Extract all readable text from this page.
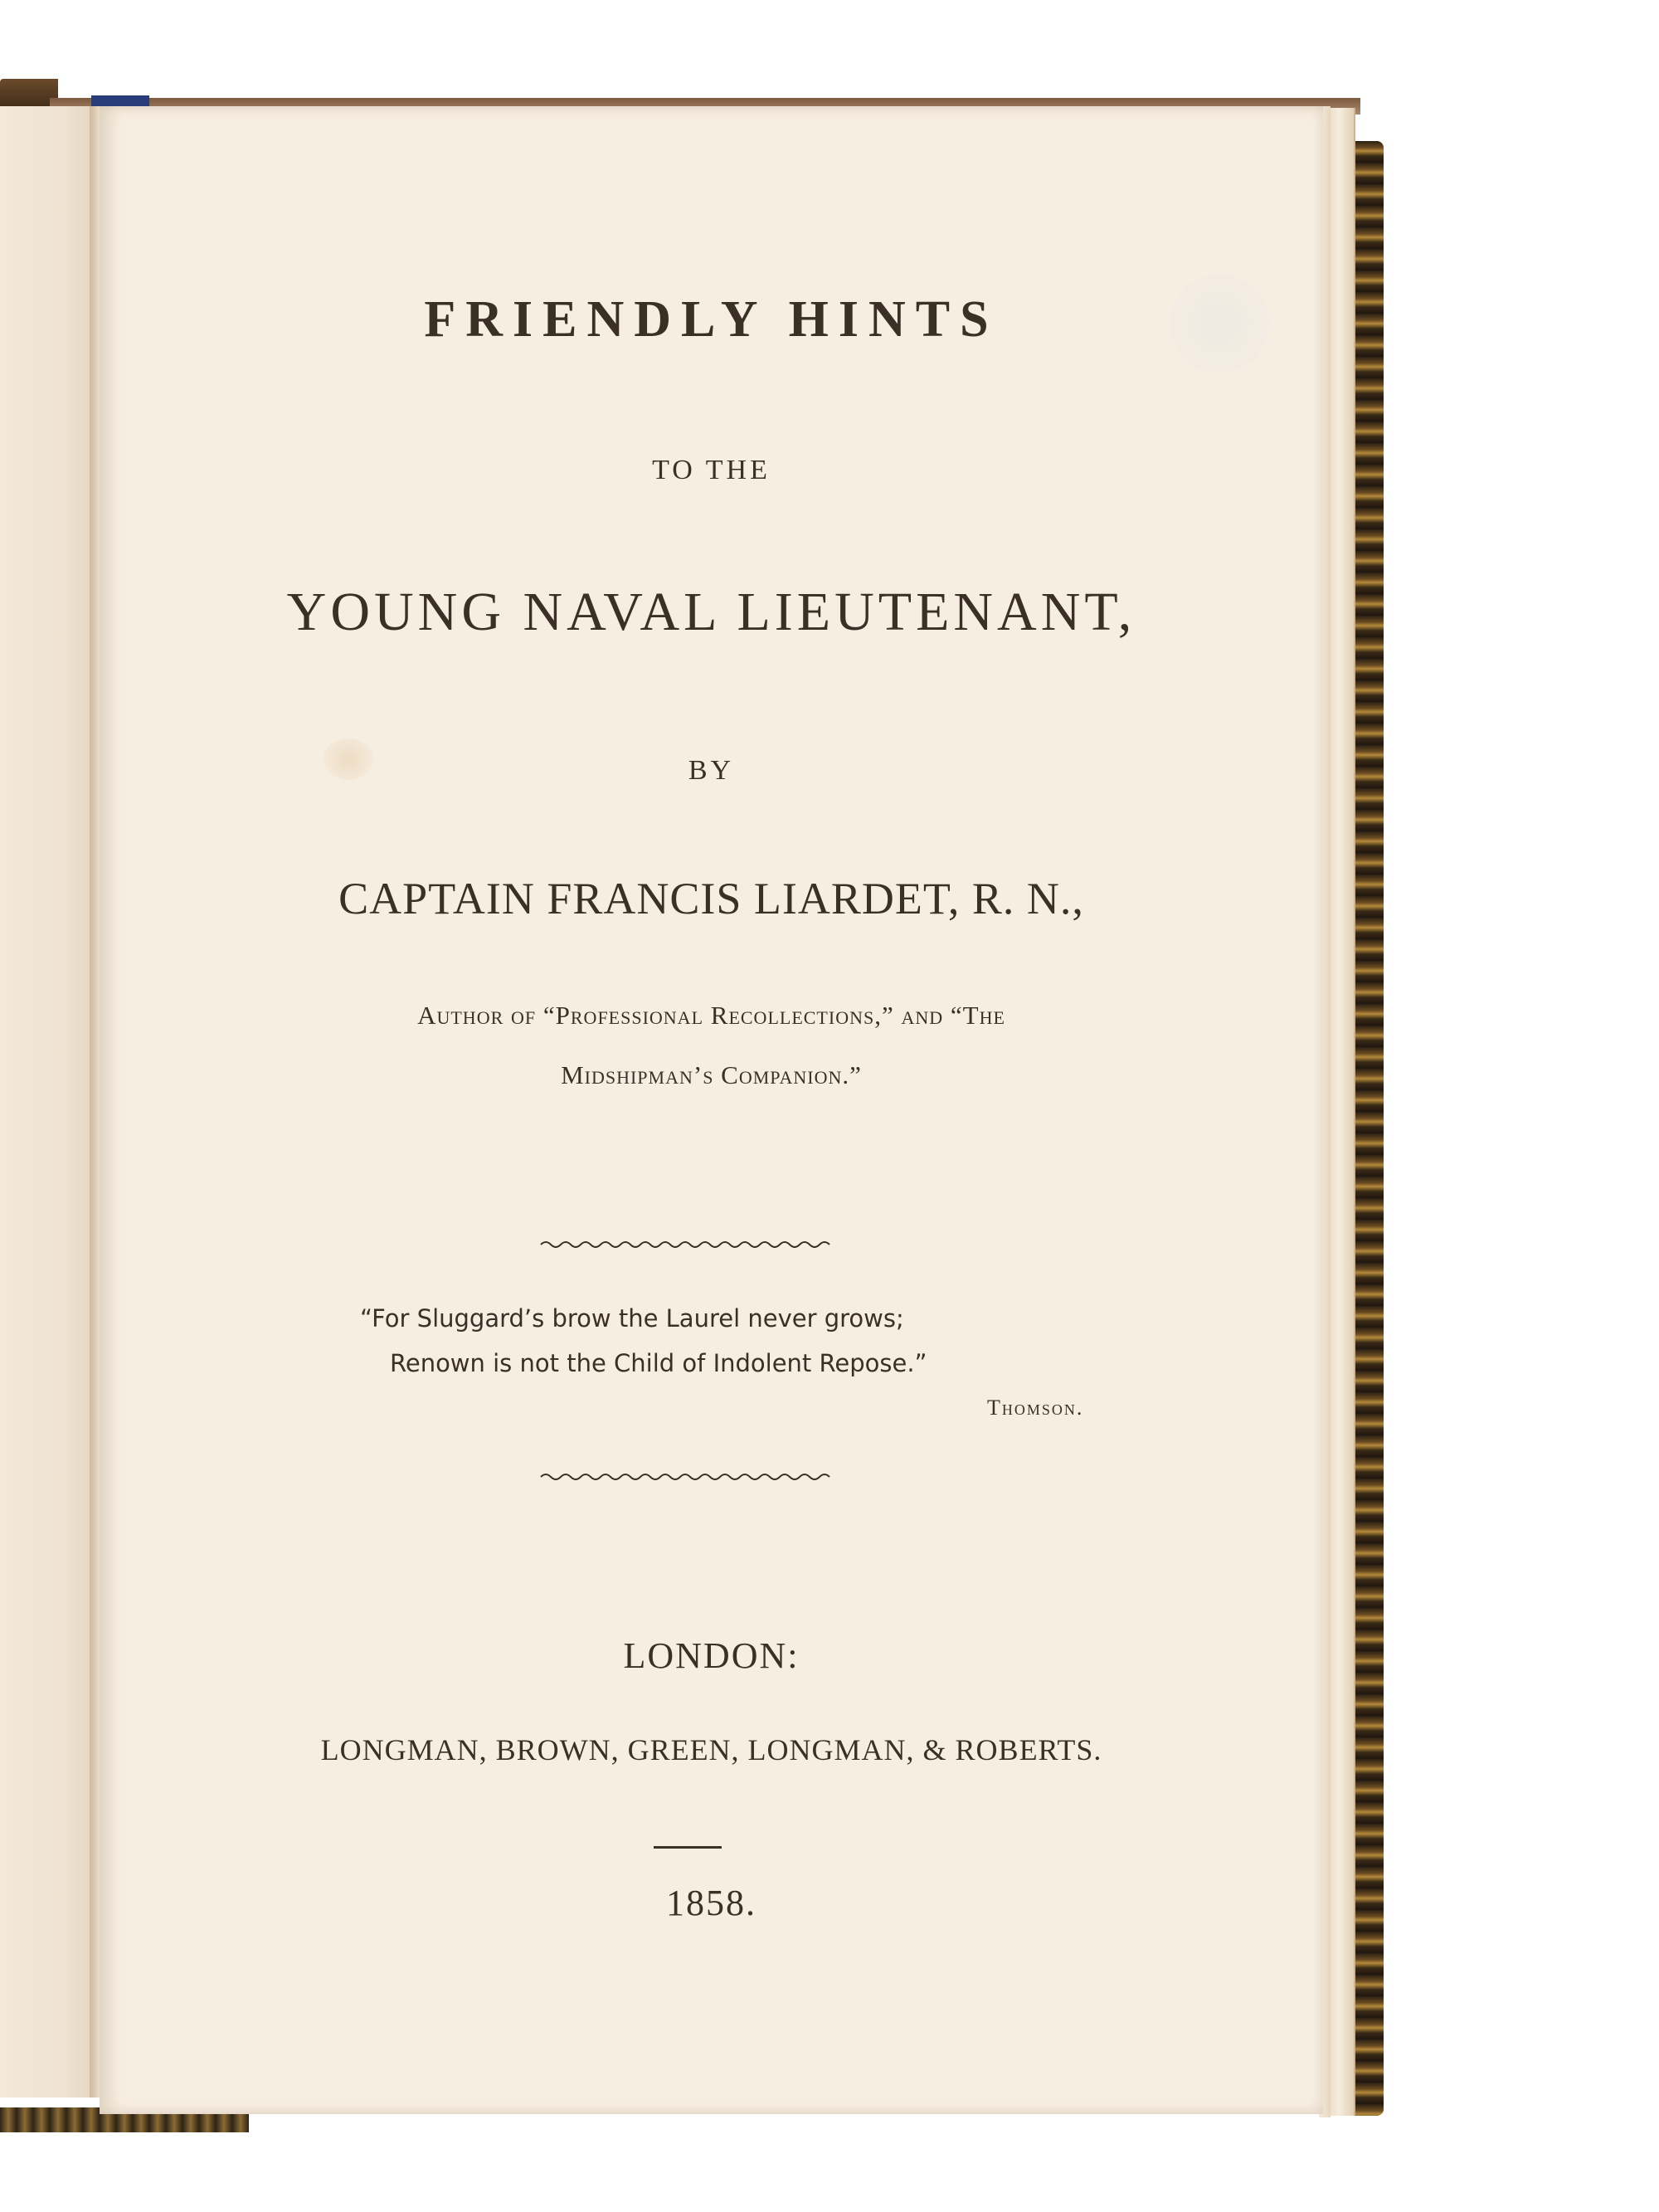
FRIENDLY HINTS
TO THE
YOUNG NAVAL LIEUTENANT,
BY
CAPTAIN FRANCIS LIARDET, R. N.,
Author of “Professional Recollections,” and “The
Midshipman’s Companion.”
“For Sluggard’s brow the Laurel never grows;
Renown is not the Child of Indolent Repose.”
Thomson.
LONDON:
LONGMAN, BROWN, GREEN, LONGMAN, & ROBERTS.
1858.
